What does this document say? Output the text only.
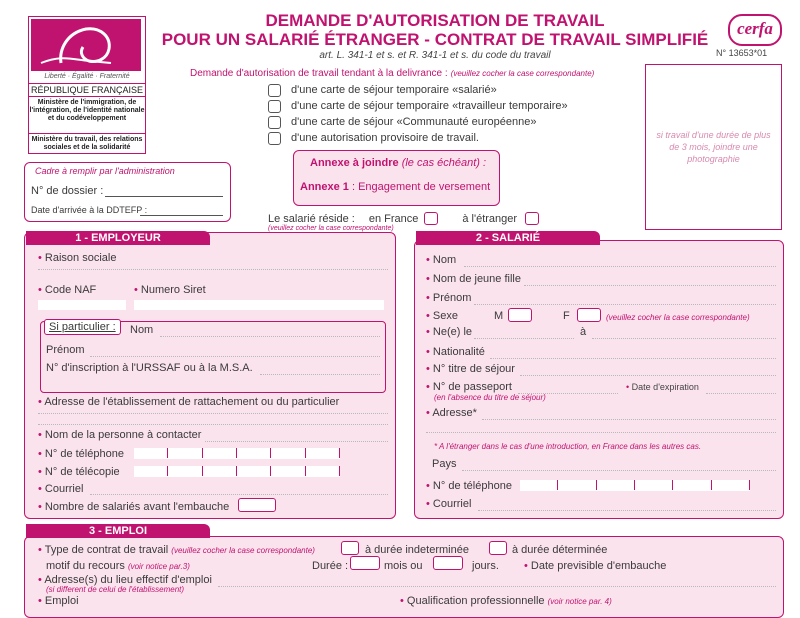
Liberté · Égalité · Fraternité
RÉPUBLIQUE FRANÇAISE
Ministère de l'immigration, de l'intégration, de l'identité nationale et du codéveloppement
Ministère du travail, des relations sociales et de la solidarité
DEMANDE D'AUTORISATION DE TRAVAIL
POUR UN SALARIÉ ÉTRANGER - CONTRAT DE TRAVAIL SIMPLIFIÉ
art. L. 341-1 et s. et R. 341-1 et s. du code du travail
cerfa
N° 13653*01
Demande d'autorisation de travail tendant à la delivrance : (veuillez cocher la case correspondante)
d'une carte de séjour temporaire «salarié»
d'une carte de séjour temporaire «travailleur temporaire»
d'une carte de séjour «Communauté européenne»
d'une autorisation provisoire de travail.	si travail d'une durée de plus de 3 mois, joindre une photographie
Cadre à remplir par l'administration
N° de dossier :
Date d'arrivée à la DDTEFP :
Annexe à joindre (le cas échéant) :
Annexe 1 : Engagement de versement
Le salarié réside : en France	à l'étranger
(veuillez cocher la case correspondante)
1 - EMPLOYEUR
• Raison sociale
• Code NAF	• Numero Siret
Si particulier :	Nom
Prénom
N° d'inscription à l'URSSAF ou à la M.S.A.
• Adresse de l'établissement de rattachement ou du particulier
• Nom de la personne à contacter
• N° de téléphone
• N° de télécopie
• Courriel
• Nombre de salariés avant l'embauche
2 - SALARIÉ
• Nom
• Nom de jeune fille
• Prénom
• Sexe	M	F	(veuillez cocher la case correspondante)
• Ne(e) le	à
• Nationalité
• N° titre de séjour
• N° de passeport	• Date d'expiration
(en l'absence du titre de séjour)
• Adresse*
* A l'étranger dans le cas d'une introduction, en France dans les autres cas.
Pays
• N° de téléphone
• Courriel
3 - EMPLOI
• Type de contrat de travail (veuillez cocher la case correspondante)	à durée indeterminée	à durée déterminée
motif du recours (voir notice par.3)	Durée :	mois ou	jours. • Date previsible d'embauche
• Adresse(s) du lieu effectif d'emploi
(si different de celui de l'établissement)
• Emploi	• Qualification professionnelle (voir notice par. 4)
